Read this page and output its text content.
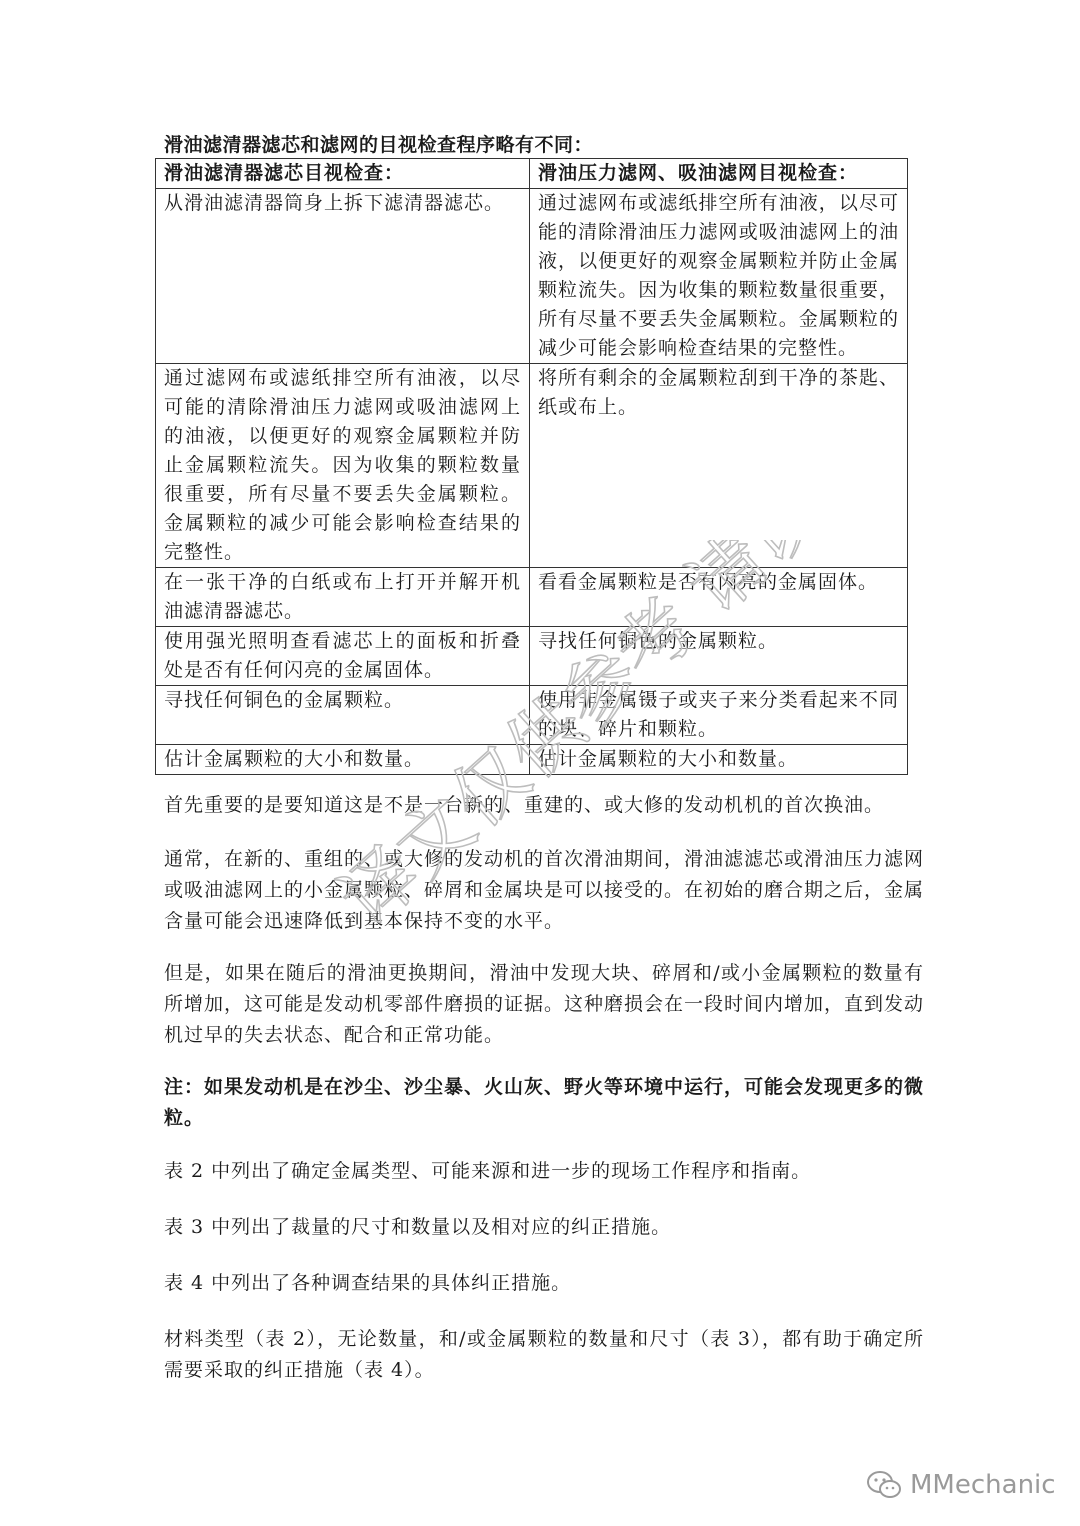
滑油滤清器滤芯和滤网的目视检查程序略有不同：
滑油滤清器滤芯目视检查：	滑油压力滤网、吸油滤网目视检查：
从滑油滤清器筒身上拆下滤清器滤芯。	通过滤网布或滤纸排空所有油液，以尽可能的清除滑油压力滤网或吸油滤网上的油液，以便更好的观察金属颗粒并防止金属颗粒流失。因为收集的颗粒数量很重要，所有尽量不要丢失金属颗粒。金属颗粒的减少可能会影响检查结果的完整性。
通过滤网布或滤纸排空所有油液，以尽可能的清除滑油压力滤网或吸油滤网上的油液，以便更好的观察金属颗粒并防止金属颗粒流失。因为收集的颗粒数量很重要，所有尽量不要丢失金属颗粒。金属颗粒的减少可能会影响检查结果的完整性。	将所有剩余的金属颗粒刮到干净的茶匙、纸或布上。
在一张干净的白纸或布上打开并解开机油滤清器滤芯。	看看金属颗粒是否有闪亮的金属固体。
使用强光照明查看滤芯上的面板和折叠处是否有任何闪亮的金属固体。	寻找任何铜色的金属颗粒。
寻找任何铜色的金属颗粒。	使用非金属镊子或夹子来分类看起来不同的块、碎片和颗粒。
估计金属颗粒的大小和数量。	估计金属颗粒的大小和数量。

首先重要的是要知道这是不是一台新的、重建的、或大修的发动机机的首次换油。

通常，在新的、重组的、或大修的发动机的首次滑油期间，滑油滤滤芯或滑油压力滤网或吸油滤网上的小金属颗粒、碎屑和金属块是可以接受的。在初始的磨合期之后，金属含量可能会迅速降低到基本保持不变的水平。

但是，如果在随后的滑油更换期间，滑油中发现大块、碎屑和/或小金属颗粒的数量有所增加，这可能是发动机零部件磨损的证据。这种磨损会在一段时间内增加，直到发动机过早的失去状态、配合和正常功能。

注：如果发动机是在沙尘、沙尘暴、火山灰、野火等环境中运行，可能会发现更多的微粒。

表 2 中列出了确定金属类型、可能来源和进一步的现场工作程序和指南。

表 3 中列出了裁量的尺寸和数量以及相对应的纠正措施。

表 4 中列出了各种调查结果的具体纠正措施。

材料类型（表 2），无论数量，和/或金属颗粒的数量和尺寸（表 3），都有助于确定所需要采取的纠正措施（表 4）。

译文仅供参考
MMechanic
